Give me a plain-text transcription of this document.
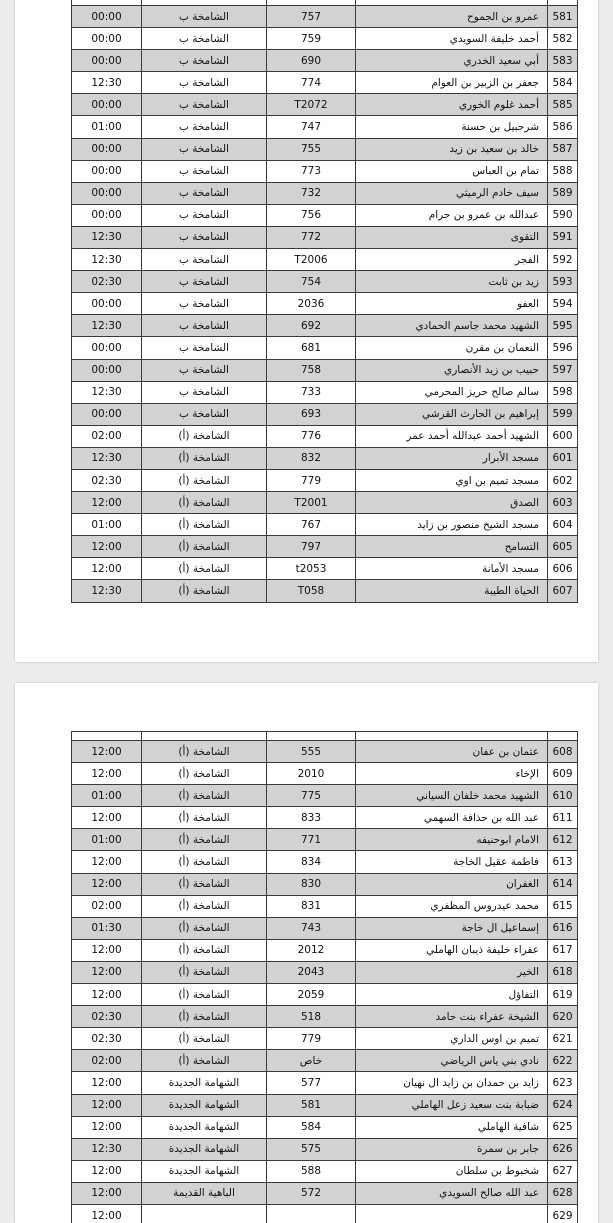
00:00	الشامخة ب	757	عمرو بن الجموح	581
00:00	الشامخة ب	759	أحمد خليفة السويدي	582
00:00	الشامخة ب	690	أبي سعيد الخدري	583
12:30	الشامخة ب	774	جعفر بن الزبير بن العوام	584
00:00	الشامخة ب	T2072	أحمد غلوم الخوري	585
01:00	الشامخة ب	747	شرحبيل بن حسنة	586
00:00	الشامخة ب	755	خالد بن سعيد بن زيد	587
00:00	الشامخة ب	773	تمام بن العباس	588
00:00	الشامخة ب	732	سيف خادم الرميثي	589
00:00	الشامخة ب	756	عبدالله بن عمرو بن حرام	590
12:30	الشامخة ب	772	التقوى	591
12:30	الشامخة ب	T2006	الفجر	592
02:30	الشامخة ب	754	زيد بن ثابت	593
00:00	الشامخة ب	2036	العفو	594
12:30	الشامخة ب	692	الشهيد محمد جاسم الحمادي	595
00:00	الشامخة ب	681	النعمان بن مقرن	596
00:00	الشامخة ب	758	حبيب بن زيد الأنصاري	597
12:30	الشامخة ب	733	سالم صالح حريز المحرمي	598
00:00	الشامخة ب	693	إبراهيم بن الحارث القرشي	599
02:00	الشامخة (أ)	776	الشهيد أحمد عبدالله أحمد عمر	600
12:30	الشامخة (أ)	832	مسجد الأبرار	601
02:30	الشامخة (أ)	779	مسجد تميم بن اوي	602
12:00	الشامخة (أ)	T2001	الصدق	603
01:00	الشامخة (أ)	767	مسجد الشيخ منصور بن زايد	604
12:00	الشامخة (أ)	797	التسامح	605
12:00	الشامخة (أ)	t2053	مسجد الأمانة	606
12:30	الشامخة (أ)	T058	الحياة الطيبة	607

12:00	الشامخة (أ)	555	عثمان بن عفان	608
12:00	الشامخة (أ)	2010	الإخاء	609
01:00	الشامخة (أ)	775	الشهيد محمد خلفان السياني	610
12:00	الشامخة (أ)	833	عبد الله بن حذافة السهمي	611
01:00	الشامخة (أ)	771	الامام ابوحنيفه	612
12:00	الشامخة (أ)	834	فاطمة عقيل الخاجة	613
12:00	الشامخة (أ)	830	الغفران	614
02:00	الشامخة (أ)	831	محمد عيدروس المظفري	615
01:30	الشامخة (أ)	743	إسماعيل ال خاجة	616
12:00	الشامخة (أ)	2012	عفراء خليفة ذيبان الهاملي	617
12:00	الشامخة (أ)	2043	الخير	618
12:00	الشامخة (أ)	2059	التفاؤل	619
02:30	الشامخة (أ)	518	الشيخة عفراء بنت حامد	620
02:30	الشامخة (أ)	779	تميم بن اوس الداري	621
02:00	الشامخة (أ)	خاص	نادي بني ياس الرياضي	622
12:00	الشهامة الجديدة	577	زايد بن حمدان بن زايد ال نهيان	623
12:00	الشهامة الجديدة	581	ضبابة بنت سعيد زعل الهاملي	624
12:00	الشهامة الجديدة	584	شافية الهاملي	625
12:30	الشهامة الجديدة	575	جابر بن سمرة	626
12:00	الشهامة الجديدة	588	شخبوط بن سلطان	627
12:00	الباهية القديمة	572	عبد الله صالح السويدي	628
12:00				629
